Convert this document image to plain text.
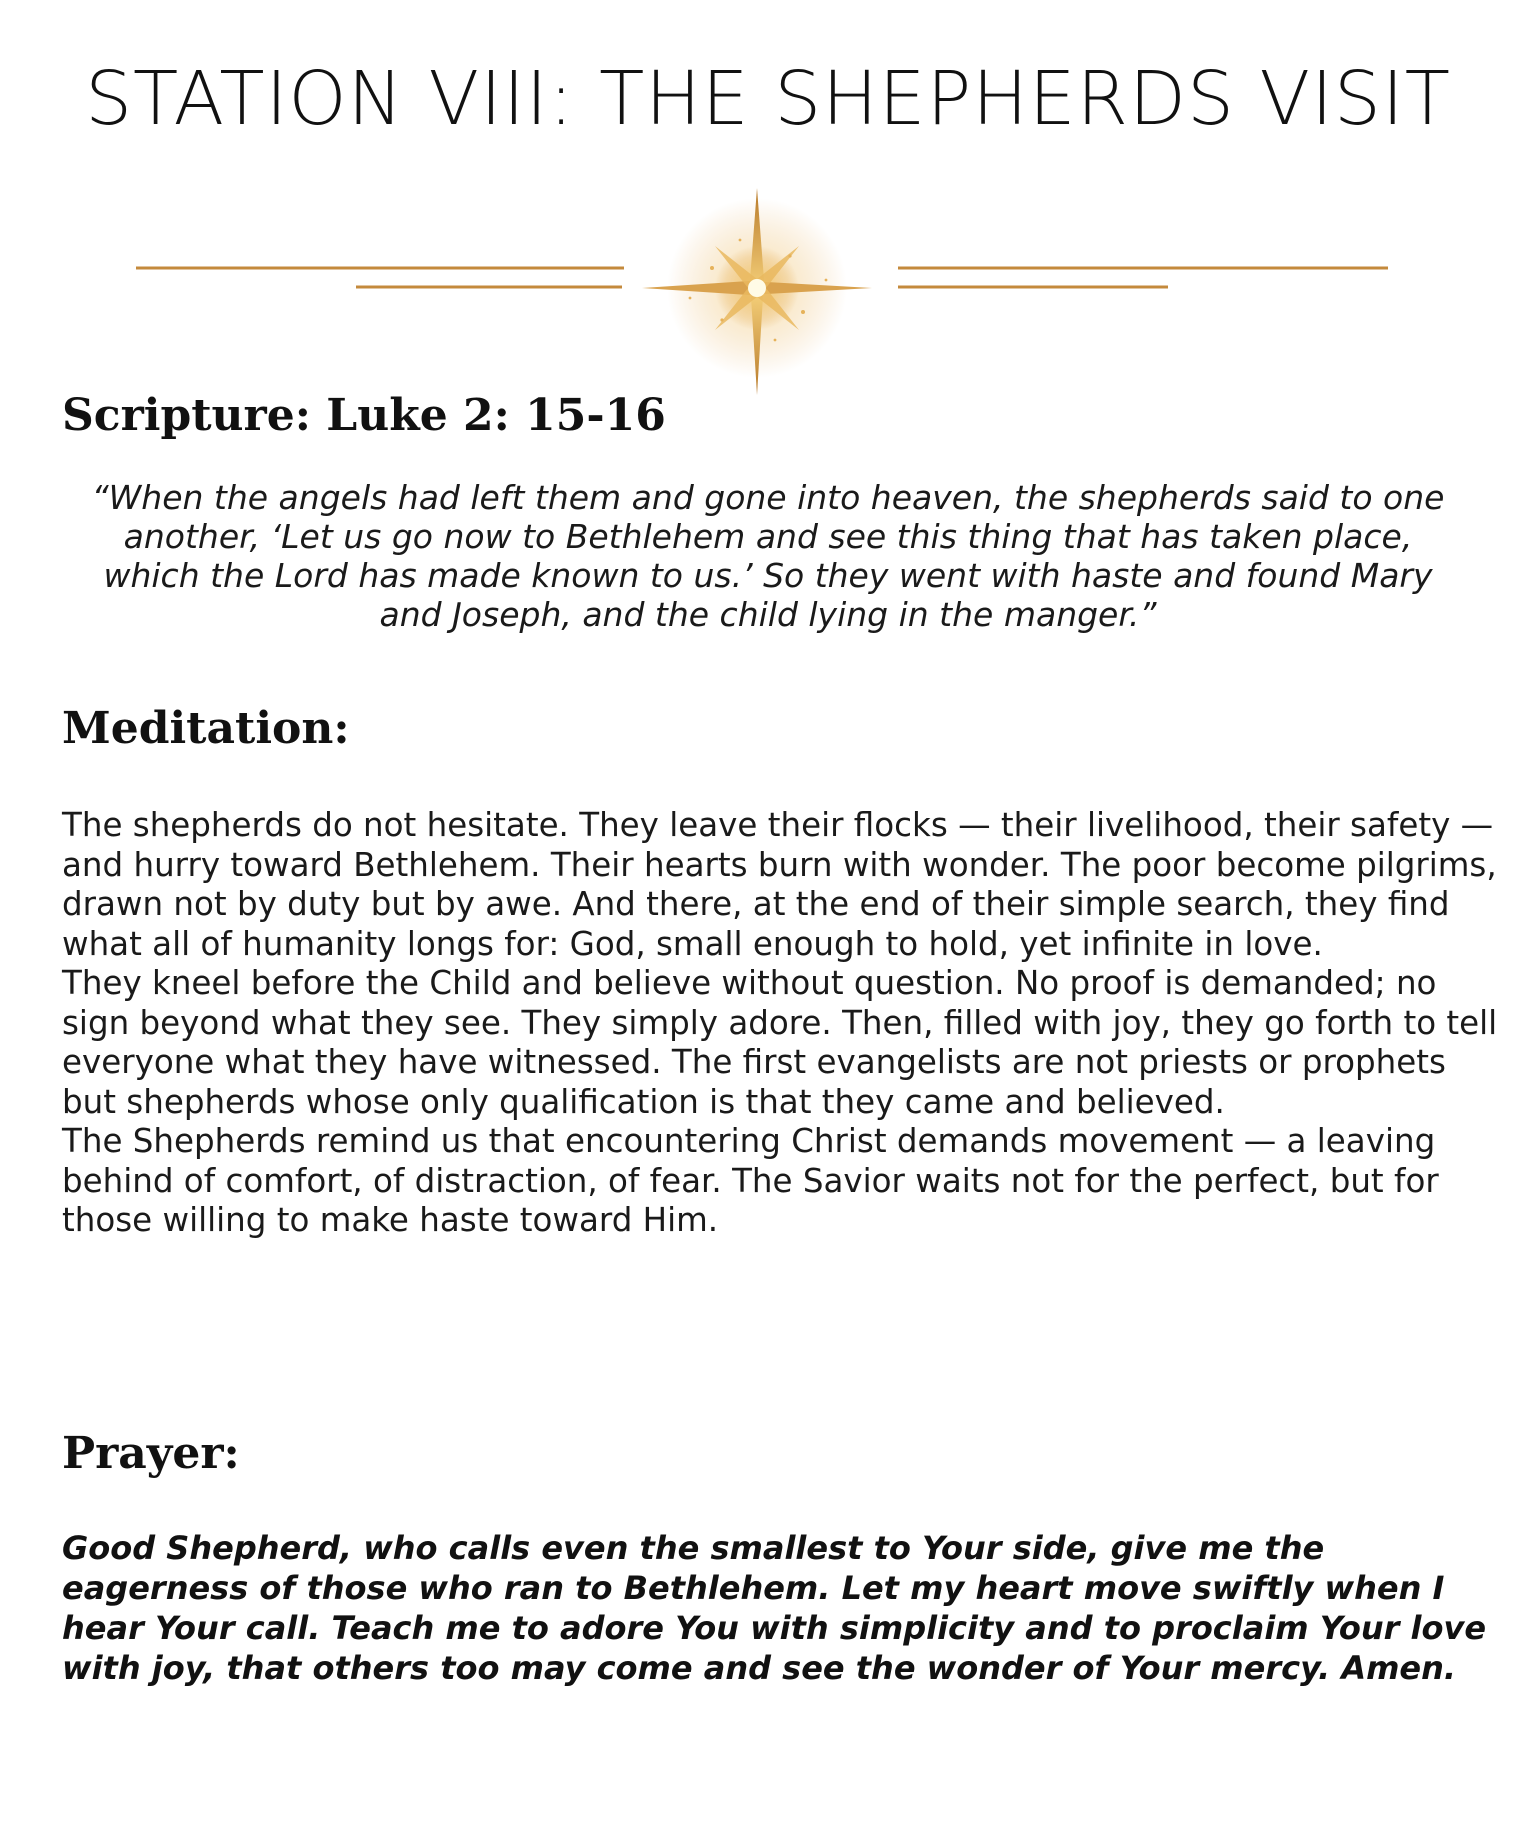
STATION VIII: THE SHEPHERDS VISIT
Scripture: Luke 2: 15-16
“When the angels had left them and gone into heaven, the shepherds said to one another, ‘Let us go now to Bethlehem and see this thing that has taken place, which the Lord has made known to us.’ So they went with haste and found Mary and Joseph, and the child lying in the manger.”
Meditation:

The shepherds do not hesitate. They leave their flocks — their livelihood, their safety — and hurry toward Bethlehem. Their hearts burn with wonder. The poor become pilgrims, drawn not by duty but by awe. And there, at the end of their simple search, they find what all of humanity longs for: God, small enough to hold, yet infinite in love.

They kneel before the Child and believe without question. No proof is demanded; no sign beyond what they see. They simply adore. Then, filled with joy, they go forth to tell everyone what they have witnessed. The first evangelists are not priests or prophets but shepherds whose only qualification is that they came and believed.

The Shepherds remind us that encountering Christ demands movement — a leaving behind of comfort, of distraction, of fear. The Savior waits not for the perfect, but for those willing to make haste toward Him.

Prayer:
Good Shepherd, who calls even the smallest to Your side, give me the eagerness of those who ran to Bethlehem. Let my heart move swiftly when I hear Your call. Teach me to adore You with simplicity and to proclaim Your love with joy, that others too may come and see the wonder of Your mercy. Amen.
